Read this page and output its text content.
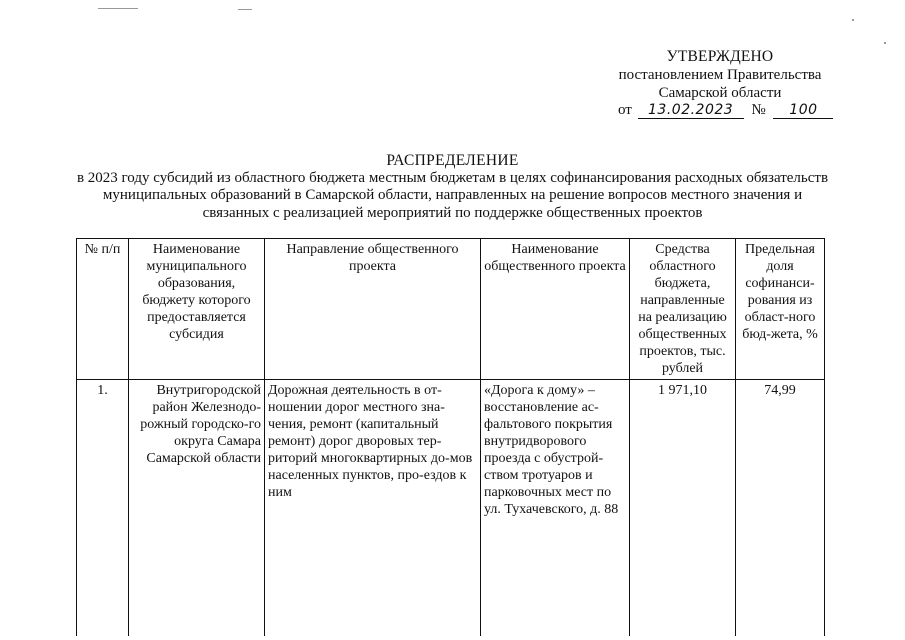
УТВЕРЖДЕНО
постановлением Правительства
Самарской области
от 13.02.2023 № 100
РАСПРЕДЕЛЕНИЕ
в 2023 году субсидий из областного бюджета местным бюджетам в целях софинансирования расходных обязательств
муниципальных образований в Самарской области, направленных на решение вопросов местного значения и
связанных с реализацией мероприятий по поддержке общественных проектов
№ п/п	Наименование муниципального образования, бюджету которого предоставляется субсидия	Направление общественного проекта	Наименование общественного проекта	Средства областного бюджета, направленные на реализацию общественных проектов, тыс. рублей	Предельная доля софинанси-рования из област-ного бюд-жета, %
1.	Внутригородской район Железнодо-рожный городско-го округа Самара Самарской области	Дорожная деятельность в от-ношении дорог местного зна-чения, ремонт (капитальный ремонт) дорог дворовых тер-риторий многоквартирных до-мов населенных пунктов, про-ездов к ним	«Дорога к дому» – восстановление ас-фальтового покрытия внутридворового проезда с обустрой-ством тротуаров и парковочных мест по ул. Тухачевского, д. 88	1 971,10	74,99
